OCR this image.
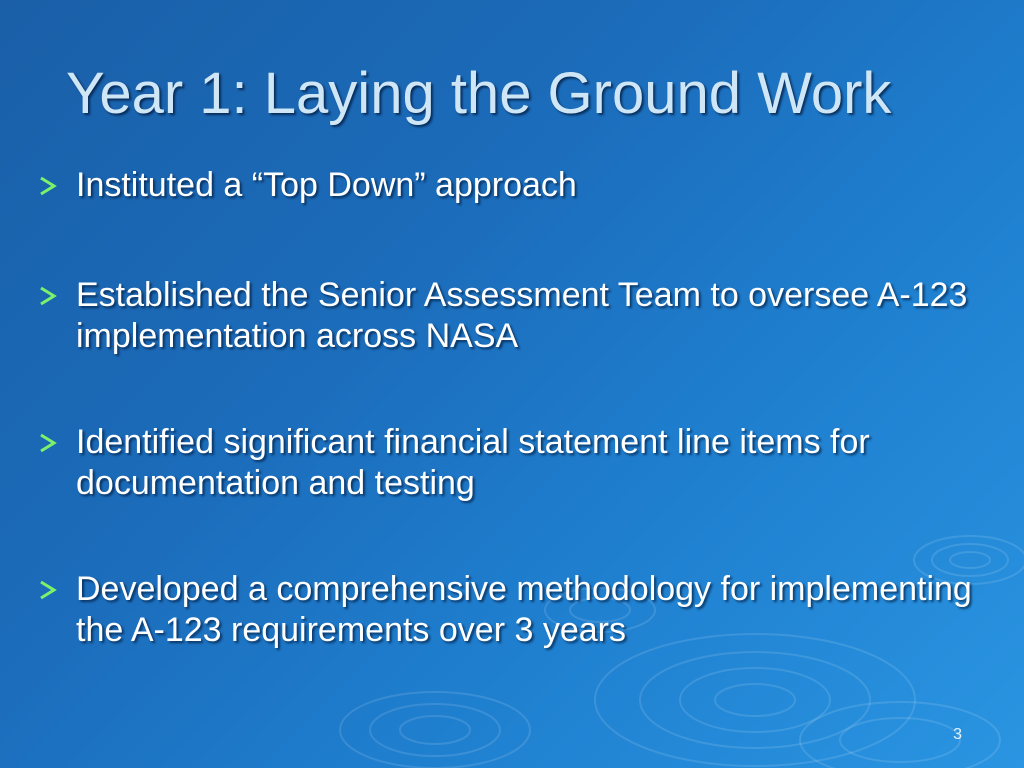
Year 1: Laying the Ground Work
Instituted a “Top Down” approach
Established the Senior Assessment Team to oversee A-123 implementation across NASA
Identified significant financial statement line items for documentation and testing
Developed a comprehensive methodology for implementing the A-123 requirements over 3 years
3
